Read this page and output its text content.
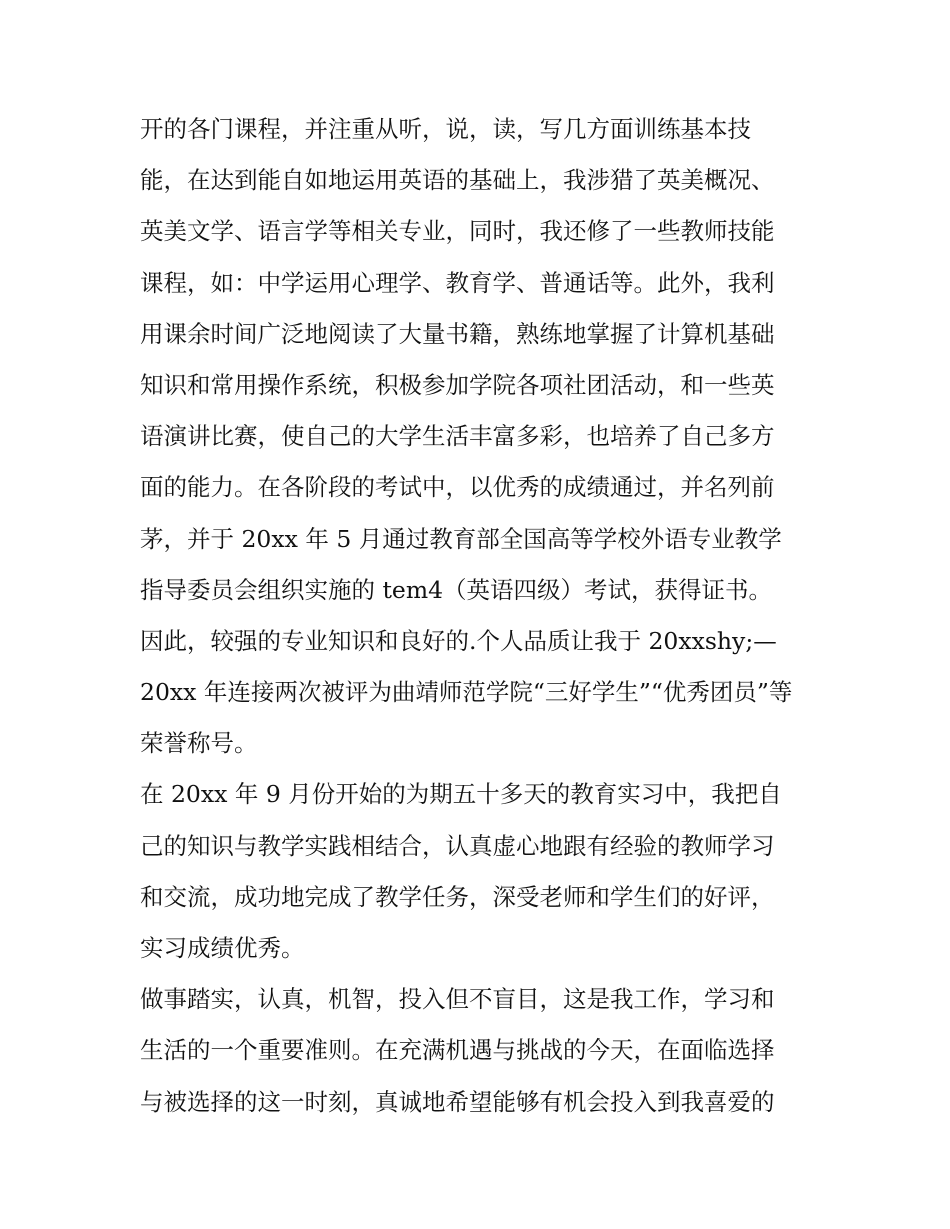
开的各门课程，并注重从听，说，读，写几方面训练基本技
能，在达到能自如地运用英语的基础上，我涉猎了英美概况、
英美文学、语言学等相关专业，同时，我还修了一些教师技能
课程，如：中学运用心理学、教育学、普通话等。此外，我利
用课余时间广泛地阅读了大量书籍，熟练地掌握了计算机基础
知识和常用操作系统，积极参加学院各项社团活动，和一些英
语演讲比赛，使自己的大学生活丰富多彩，也培养了自己多方
面的能力。在各阶段的考试中，以优秀的成绩通过，并名列前
茅，并于 20xx 年 5 月通过教育部全国高等学校外语专业教学
指导委员会组织实施的 tem4（英语四级）考试，获得证书。
因此，较强的专业知识和良好的.个人品质让我于 20xxshy;—
20xx 年连接两次被评为曲靖师范学院“三好学生”“优秀团员”等
荣誉称号。
在 20xx 年 9 月份开始的为期五十多天的教育实习中，我把自
己的知识与教学实践相结合，认真虚心地跟有经验的教师学习
和交流，成功地完成了教学任务，深受老师和学生们的好评，
实习成绩优秀。
做事踏实，认真，机智，投入但不盲目，这是我工作，学习和
生活的一个重要准则。在充满机遇与挑战的今天，在面临选择
与被选择的这一时刻，真诚地希望能够有机会投入到我喜爱的
